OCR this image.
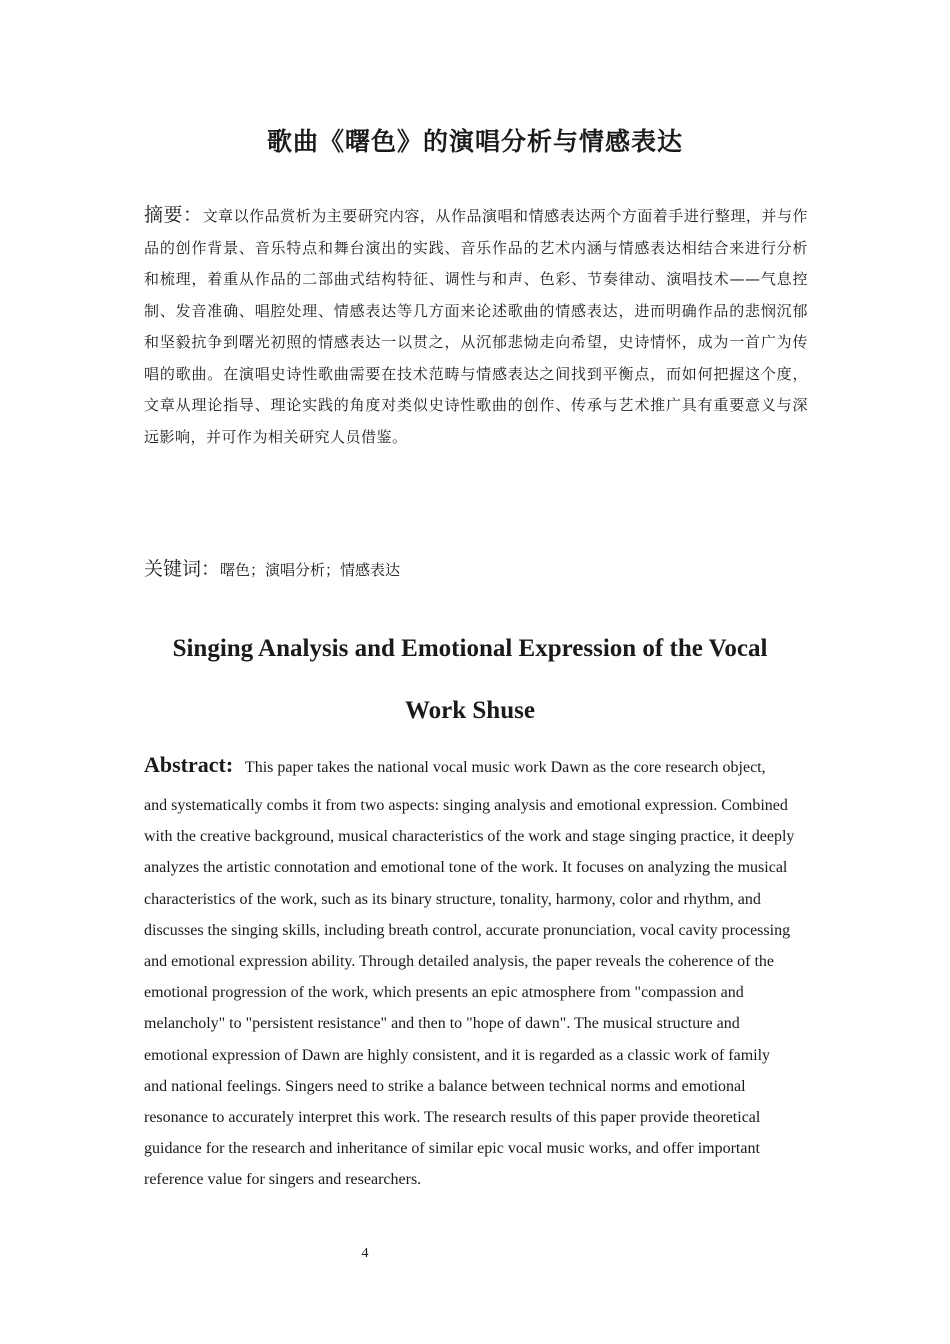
歌曲《曙色》的演唱分析与情感表达
摘要：文章以作品赏析为主要研究内容，从作品演唱和情感表达两个方面着手进行整理，并与作品的创作背景、音乐特点和舞台演出的实践、音乐作品的艺术内涵与情感表达相结合来进行分析和梳理，着重从作品的二部曲式结构特征、调性与和声、色彩、节奏律动、演唱技术——气息控制、发音准确、唱腔处理、情感表达等几方面来论述歌曲的情感表达，进而明确作品的悲悯沉郁和坚毅抗争到曙光初照的情感表达一以贯之，从沉郁悲恸走向希望，史诗情怀，成为一首广为传唱的歌曲。在演唱史诗性歌曲需要在技术范畴与情感表达之间找到平衡点，而如何把握这个度，文章从理论指导、理论实践的角度对类似史诗性歌曲的创作、传承与艺术推广具有重要意义与深远影响，并可作为相关研究人员借鉴。
关键词：曙色；演唱分析；情感表达
Singing Analysis and Emotional Expression of the Vocal Work Shuse
Abstract: This paper takes the national vocal music work Dawn as the core research object,
and systematically combs it from two aspects: singing analysis and emotional expression. Combined with the creative background, musical characteristics of the work and stage singing practice, it deeply analyzes the artistic connotation and emotional tone of the work. It focuses on analyzing the musical characteristics of the work, such as its binary structure, tonality, harmony, color and rhythm, and discusses the singing skills, including breath control, accurate pronunciation, vocal cavity processing and emotional expression ability. Through detailed analysis, the paper reveals the coherence of the emotional progression of the work, which presents an epic atmosphere from "compassion and melancholy" to "persistent resistance" and then to "hope of dawn". The musical structure and emotional expression of Dawn are highly consistent, and it is regarded as a classic work of family and national feelings. Singers need to strike a balance between technical norms and emotional resonance to accurately interpret this work. The research results of this paper provide theoretical guidance for the research and inheritance of similar epic vocal music works, and offer important reference value for singers and researchers.
4
